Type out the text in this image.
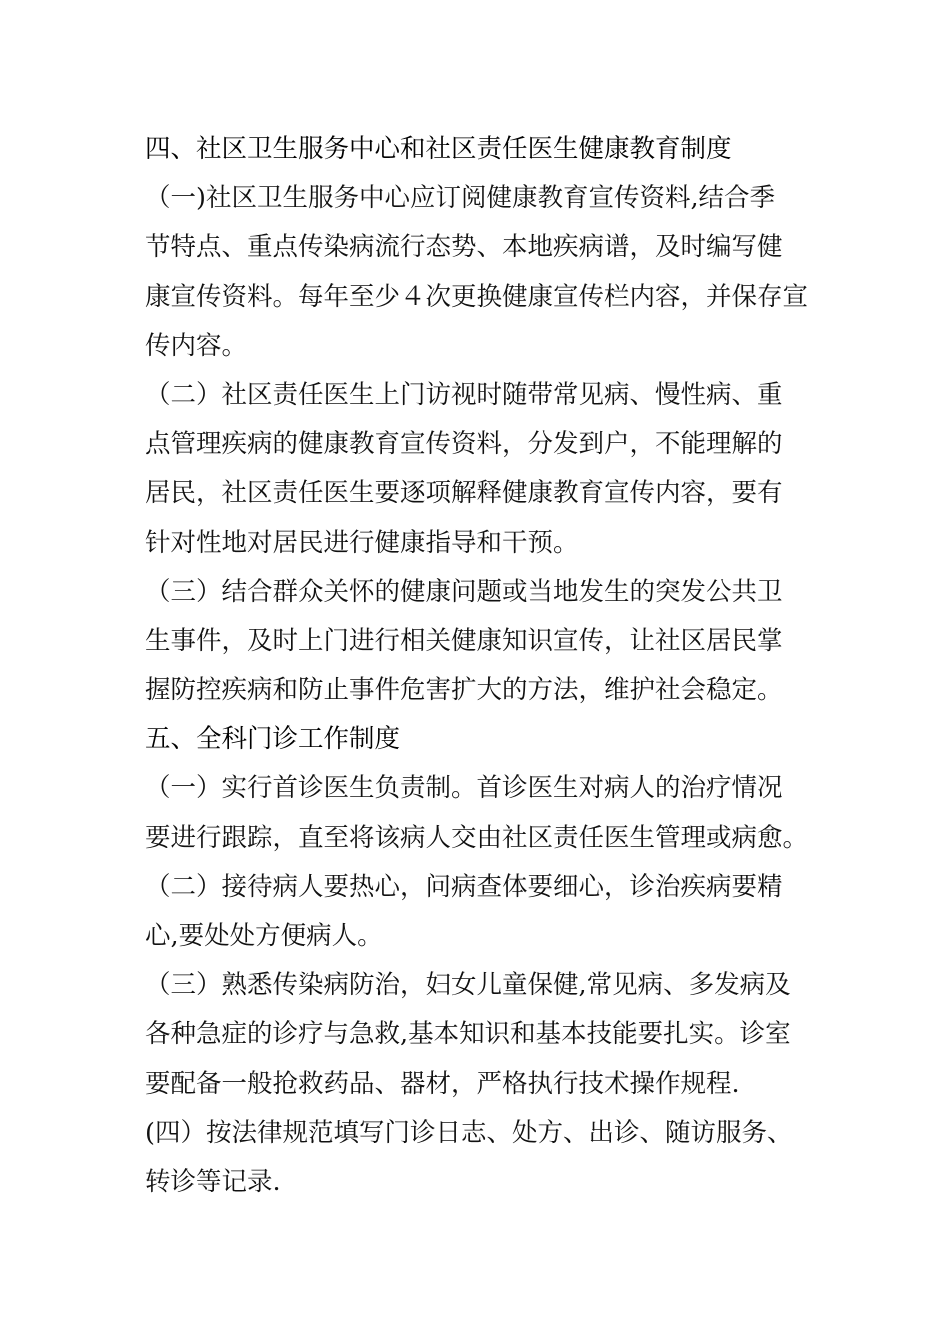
四、社区卫生服务中心和社区责任医生健康教育制度
（一)社区卫生服务中心应订阅健康教育宣传资料,结合季
节特点、重点传染病流行态势、本地疾病谱，及时编写健
康宣传资料。每年至少４次更换健康宣传栏内容，并保存宣
传内容。
（二）社区责任医生上门访视时随带常见病、慢性病、重
点管理疾病的健康教育宣传资料，分发到户，不能理解的
居民，社区责任医生要逐项解释健康教育宣传内容，要有
针对性地对居民进行健康指导和干预。
（三）结合群众关怀的健康问题或当地发生的突发公共卫
生事件，及时上门进行相关健康知识宣传，让社区居民掌
握防控疾病和防止事件危害扩大的方法，维护社会稳定。
五、全科门诊工作制度
（一）实行首诊医生负责制。首诊医生对病人的治疗情况
要进行跟踪，直至将该病人交由社区责任医生管理或病愈。
（二）接待病人要热心，问病查体要细心，诊治疾病要精
心,要处处方便病人。
（三）熟悉传染病防治，妇女儿童保健,常见病、多发病及
各种急症的诊疗与急救,基本知识和基本技能要扎实。诊室
要配备一般抢救药品、器材，严格执行技术操作规程.
(四）按法律规范填写门诊日志、处方、出诊、随访服务、
转诊等记录.
